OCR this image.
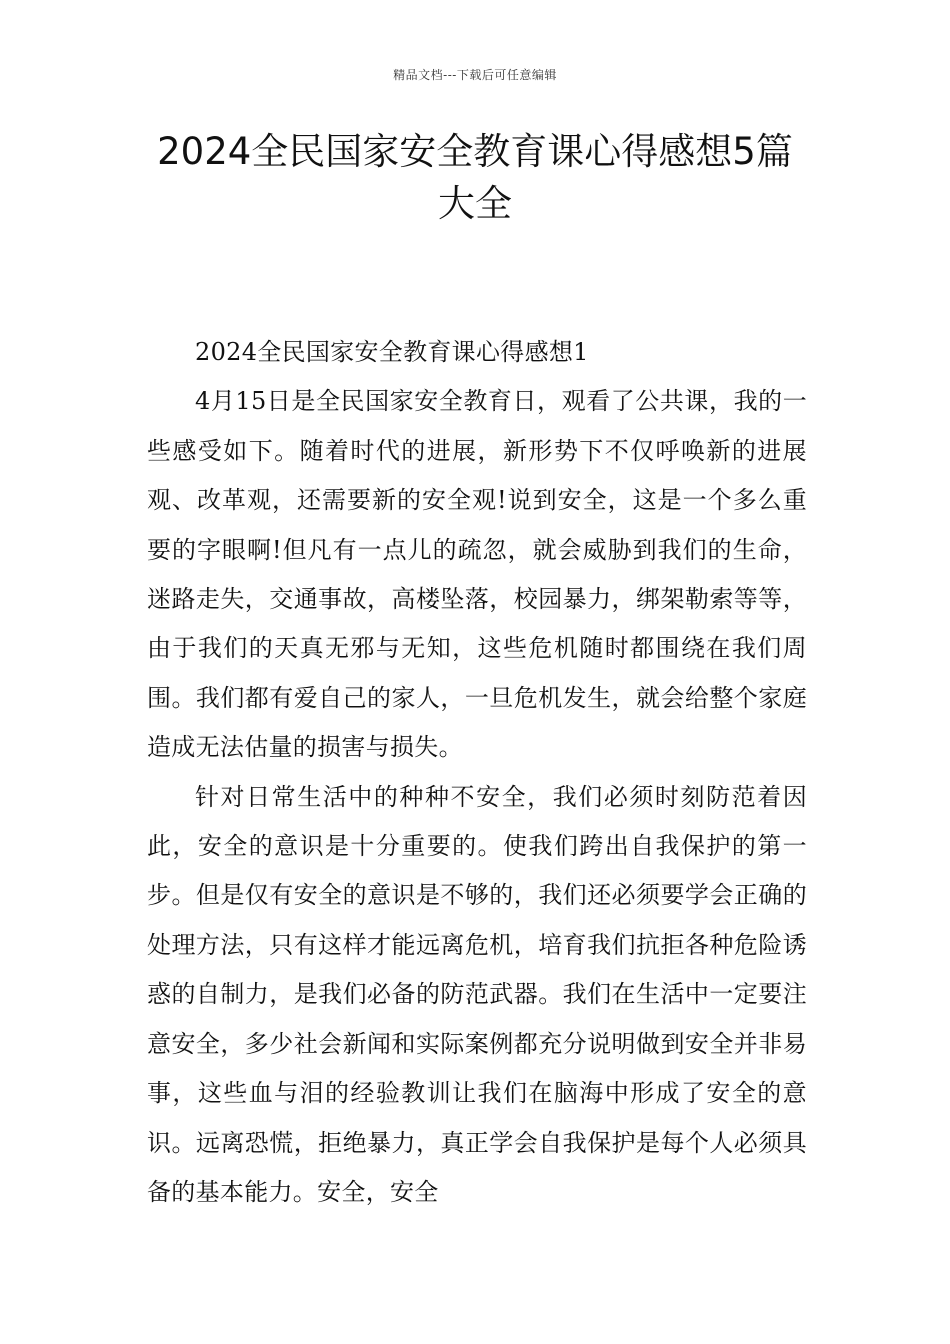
精品文档---下载后可任意编辑
2024全民国家安全教育课心得感想5篇大全

2024全民国家安全教育课心得感想1

4月15日是全民国家安全教育日，观看了公共课，我的一些感受如下。随着时代的进展，新形势下不仅呼唤新的进展观、改革观，还需要新的安全观!说到安全，这是一个多么重要的字眼啊!但凡有一点儿的疏忽，就会威胁到我们的生命，迷路走失，交通事故，高楼坠落，校园暴力，绑架勒索等等，由于我们的天真无邪与无知，这些危机随时都围绕在我们周围。我们都有爱自己的家人，一旦危机发生，就会给整个家庭造成无法估量的损害与损失。

针对日常生活中的种种不安全，我们必须时刻防范着因此，安全的意识是十分重要的。使我们跨出自我保护的第一步。但是仅有安全的意识是不够的，我们还必须要学会正确的处理方法，只有这样才能远离危机，培育我们抗拒各种危险诱惑的自制力，是我们必备的防范武器。我们在生活中一定要注意安全，多少社会新闻和实际案例都充分说明做到安全并非易事，这些血与泪的经验教训让我们在脑海中形成了安全的意识。远离恐慌，拒绝暴力，真正学会自我保护是每个人必须具备的基本能力。安全，安全
